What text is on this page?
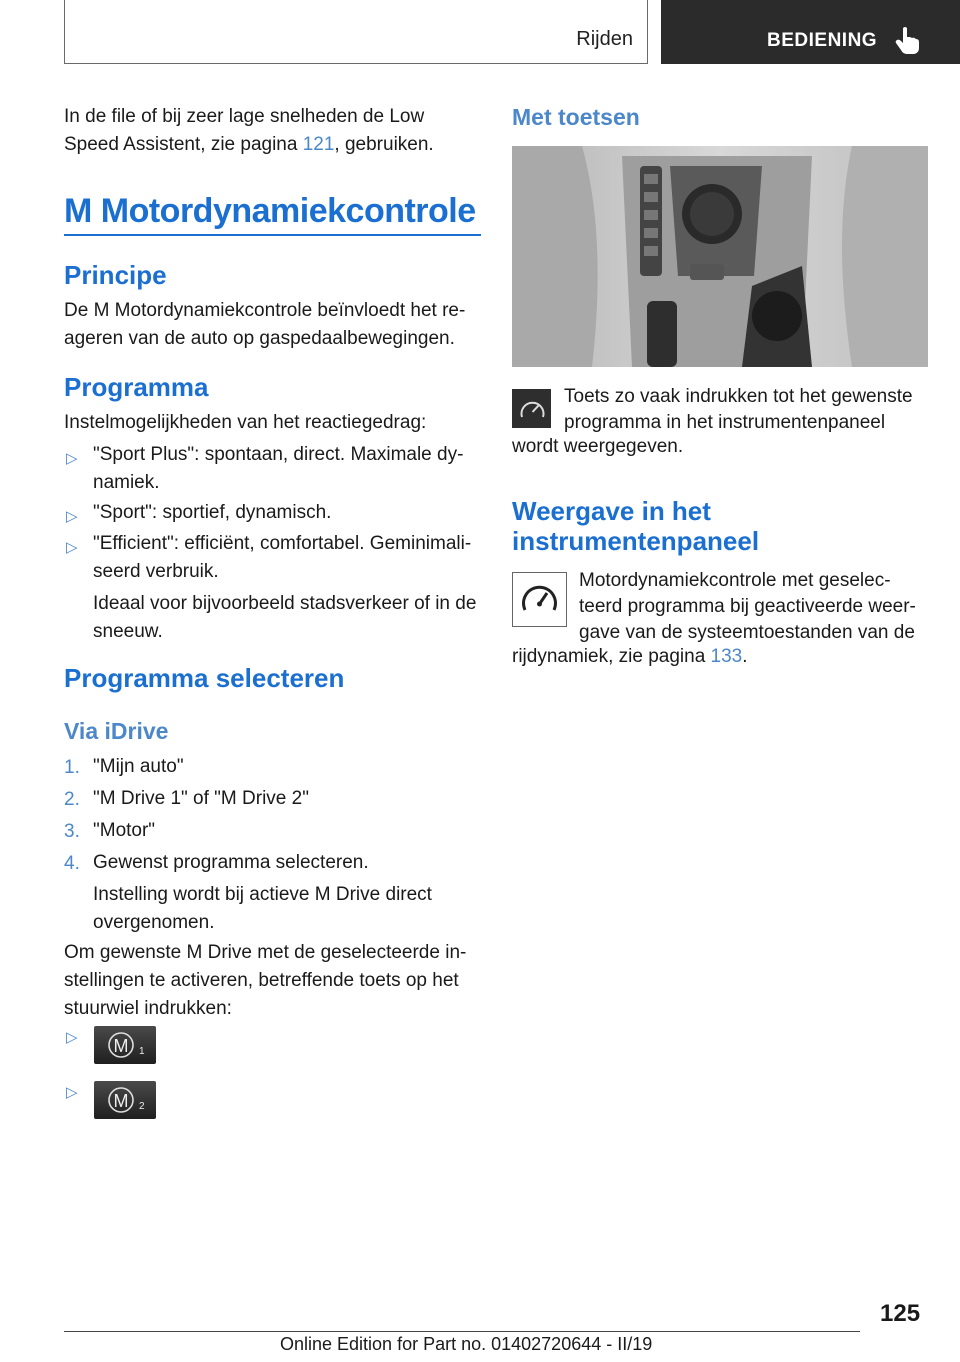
Rijden	BEDIENING

In de file of bij zeer lage snelheden de Low

Speed Assistent, zie pagina 121, gebruiken.

M Motordynamiekcontrole
Principe

De M Motordynamiekcontrole beïnvloedt het re-

ageren van de auto op gaspedaalbewegingen.

Programma

Instelmogelijkheden van het reactiegedrag:

▷ "Sport Plus": spontaan, direct. Maximale dy-

namiek.

▷ "Sport": sportief, dynamisch.

▷ "Efficient": efficiënt, comfortabel. Geminimali-

seerd verbruik.

Ideaal voor bijvoorbeeld stadsverkeer of in de

sneeuw.

Programma selecteren
Via iDrive
1. "Mijn auto"

2. "M Drive 1" of "M Drive 2"

3. "Motor"

4. Gewenst programma selecteren.

Instelling wordt bij actieve M Drive direct

overgenomen.

Om gewenste M Drive met de geselecteerde in-

stellingen te activeren, betreffende toets op het

stuurwiel indrukken:

▷ M 1
▷ M 2
Met toetsen

Toets zo vaak indrukken tot het gewenste

programma in het instrumentenpaneel

wordt weergegeven.

Weergave in het
instrumentenpaneel

Motordynamiekcontrole met geselec-

teerd programma bij geactiveerde weer-

gave van de systeemtoestanden van de

rijdynamiek, zie pagina 133.

125
Online Edition for Part no. 01402720644 - II/19
